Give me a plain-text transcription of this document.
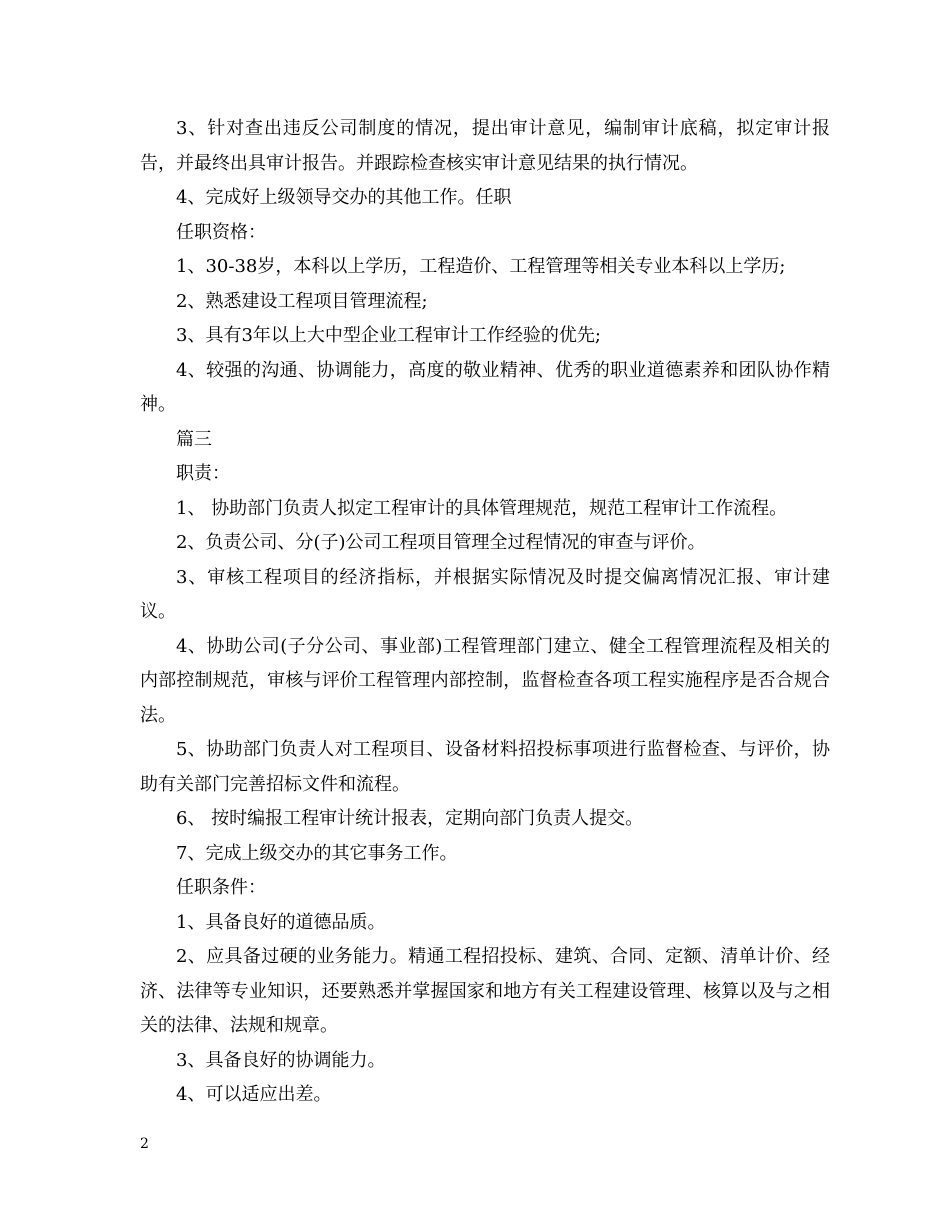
3、针对查出违反公司制度的情况，提出审计意见，编制审计底稿，拟定审计报告，并最终出具审计报告。并跟踪检查核实审计意见结果的执行情况。

4、完成好上级领导交办的其他工作。任职

任职资格：

1、30-38岁，本科以上学历，工程造价、工程管理等相关专业本科以上学历;

2、熟悉建设工程项目管理流程;

3、具有3年以上大中型企业工程审计工作经验的优先;

4、较强的沟通、协调能力，高度的敬业精神、优秀的职业道德素养和团队协作精神。

篇三

职责：

1、 协助部门负责人拟定工程审计的具体管理规范，规范工程审计工作流程。

2、负责公司、分(子)公司工程项目管理全过程情况的审查与评价。

3、审核工程项目的经济指标，并根据实际情况及时提交偏离情况汇报、审计建议。

4、协助公司(子分公司、事业部)工程管理部门建立、健全工程管理流程及相关的内部控制规范，审核与评价工程管理内部控制，监督检查各项工程实施程序是否合规合法。

5、协助部门负责人对工程项目、设备材料招投标事项进行监督检查、与评价，协助有关部门完善招标文件和流程。

6、 按时编报工程审计统计报表，定期向部门负责人提交。

7、完成上级交办的其它事务工作。

任职条件：

1、具备良好的道德品质。

2、应具备过硬的业务能力。精通工程招投标、建筑、合同、定额、清单计价、经济、法律等专业知识，还要熟悉并掌握国家和地方有关工程建设管理、核算以及与之相关的法律、法规和规章。

3、具备良好的协调能力。

4、可以适应出差。

2
